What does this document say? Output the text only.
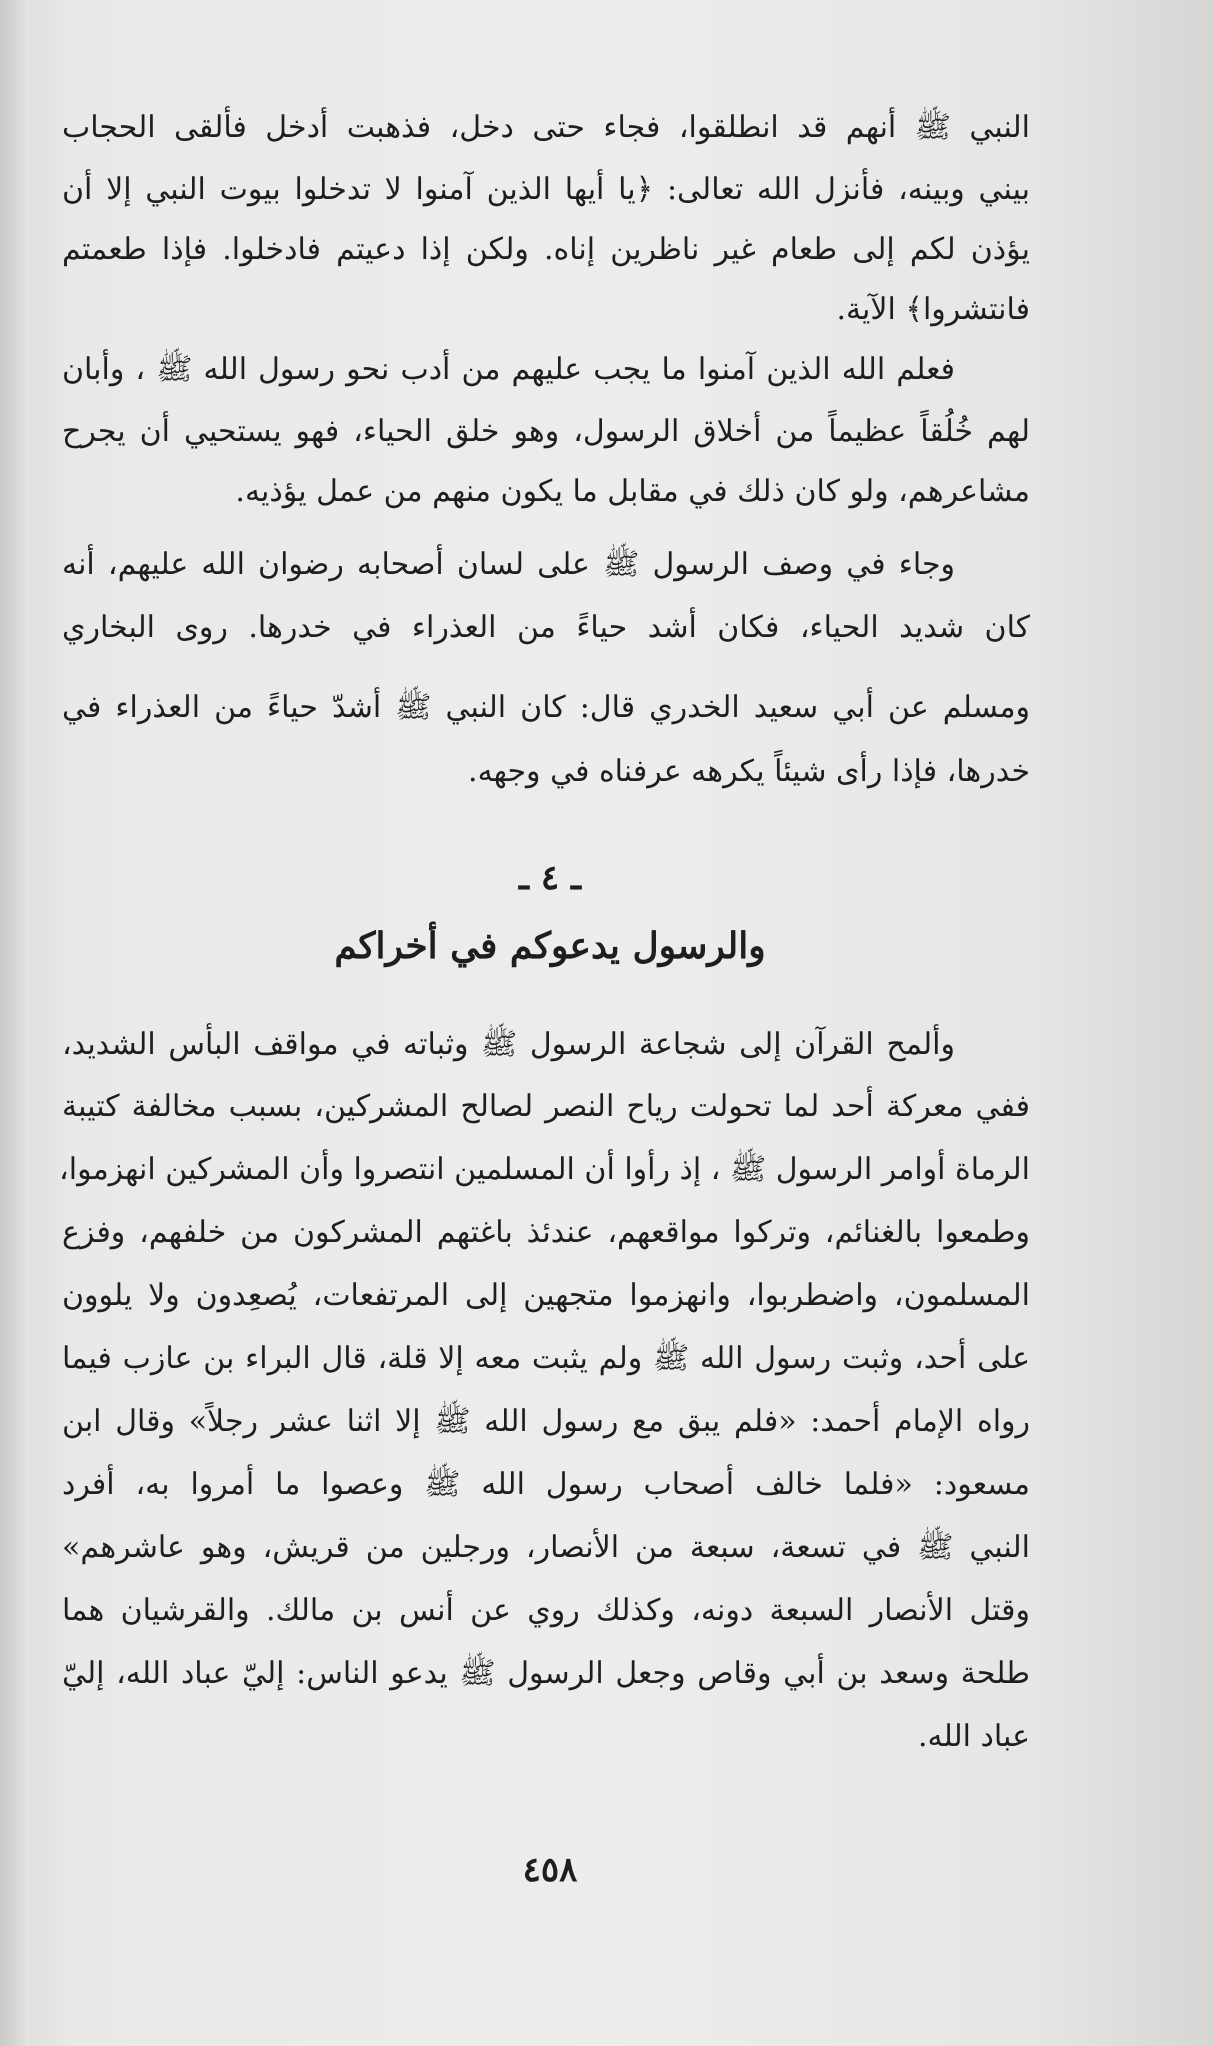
النبي ﷺ أنهم قد انطلقوا، فجاء حتى دخل، فذهبت أدخل فألقى الحجاب
بيني وبينه، فأنزل الله تعالى: ﴿يا أيها الذين آمنوا لا تدخلوا بيوت النبي إلا أن
يؤذن لكم إلى طعام غير ناظرين إناه. ولكن إذا دعيتم فادخلوا. فإذا طعمتم
فانتشروا﴾ الآية.
فعلم الله الذين آمنوا ما يجب عليهم من أدب نحو رسول الله ﷺ ، وأبان
لهم خُلُقاً عظيماً من أخلاق الرسول، وهو خلق الحياء، فهو يستحيي أن يجرح
مشاعرهم، ولو كان ذلك في مقابل ما يكون منهم من عمل يؤذيه.
وجاء في وصف الرسول ﷺ على لسان أصحابه رضوان الله عليهم، أنه
كان شديد الحياء، فكان أشد حياءً من العذراء في خدرها. روى البخاري
ومسلم عن أبي سعيد الخدري قال: كان النبي ﷺ أشدّ حياءً من العذراء في
خدرها، فإذا رأى شيئاً يكرهه عرفناه في وجهه.
ـ ٤ ـ
والرسول يدعوكم في أخراكم
وألمح القرآن إلى شجاعة الرسول ﷺ وثباته في مواقف البأس الشديد،
ففي معركة أحد لما تحولت رياح النصر لصالح المشركين، بسبب مخالفة كتيبة
الرماة أوامر الرسول ﷺ ، إذ رأوا أن المسلمين انتصروا وأن المشركين انهزموا،
وطمعوا بالغنائم، وتركوا مواقعهم، عندئذ باغتهم المشركون من خلفهم، وفزع
المسلمون، واضطربوا، وانهزموا متجهين إلى المرتفعات، يُصعِدون ولا يلوون
على أحد، وثبت رسول الله ﷺ ولم يثبت معه إلا قلة، قال البراء بن عازب فيما
رواه الإمام أحمد: «فلم يبق مع رسول الله ﷺ إلا اثنا عشر رجلاً» وقال ابن
مسعود: «فلما خالف أصحاب رسول الله ﷺ وعصوا ما أمروا به، أفرد
النبي ﷺ في تسعة، سبعة من الأنصار، ورجلين من قريش، وهو عاشرهم»
وقتل الأنصار السبعة دونه، وكذلك روي عن أنس بن مالك. والقرشيان هما
طلحة وسعد بن أبي وقاص وجعل الرسول ﷺ يدعو الناس: إليّ عباد الله، إليّ
عباد الله.
٤٥٨
